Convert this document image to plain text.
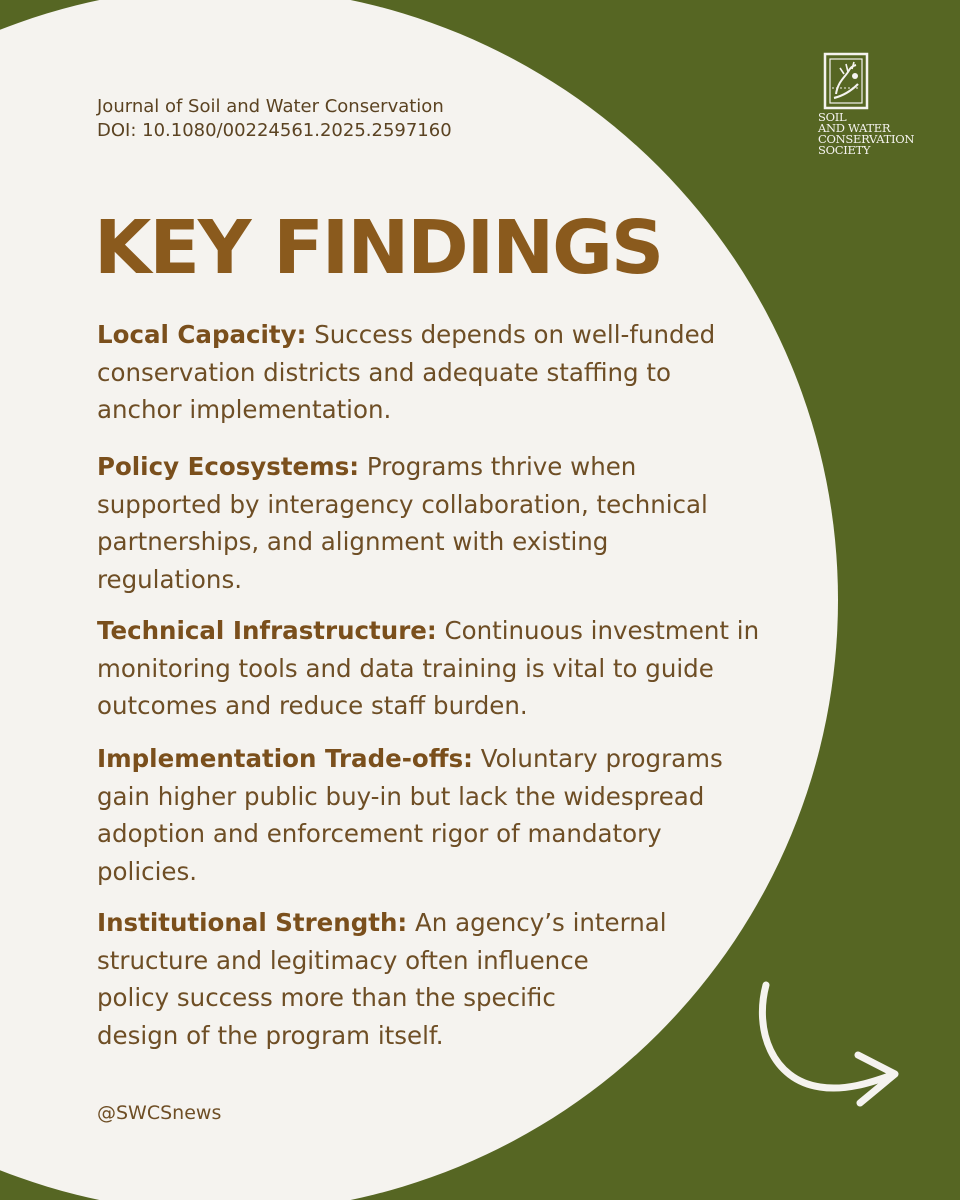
Journal of Soil and Water Conservation
DOI: 10.1080/00224561.2025.2597160
SOIL
AND WATER
CONSERVATION
SOCIETY
KEY FINDINGS

Local Capacity: Success depends on well-funded
conservation districts and adequate staffing to
anchor implementation.

Policy Ecosystems: Programs thrive when
supported by interagency collaboration, technical
partnerships, and alignment with existing
regulations.

Technical Infrastructure: Continuous investment in
monitoring tools and data training is vital to guide
outcomes and reduce staff burden.

Implementation Trade-offs: Voluntary programs
gain higher public buy-in but lack the widespread
adoption and enforcement rigor of mandatory
policies.

Institutional Strength: An agency’s internal
structure and legitimacy often influence
policy success more than the specific
design of the program itself.

@SWCSnews
